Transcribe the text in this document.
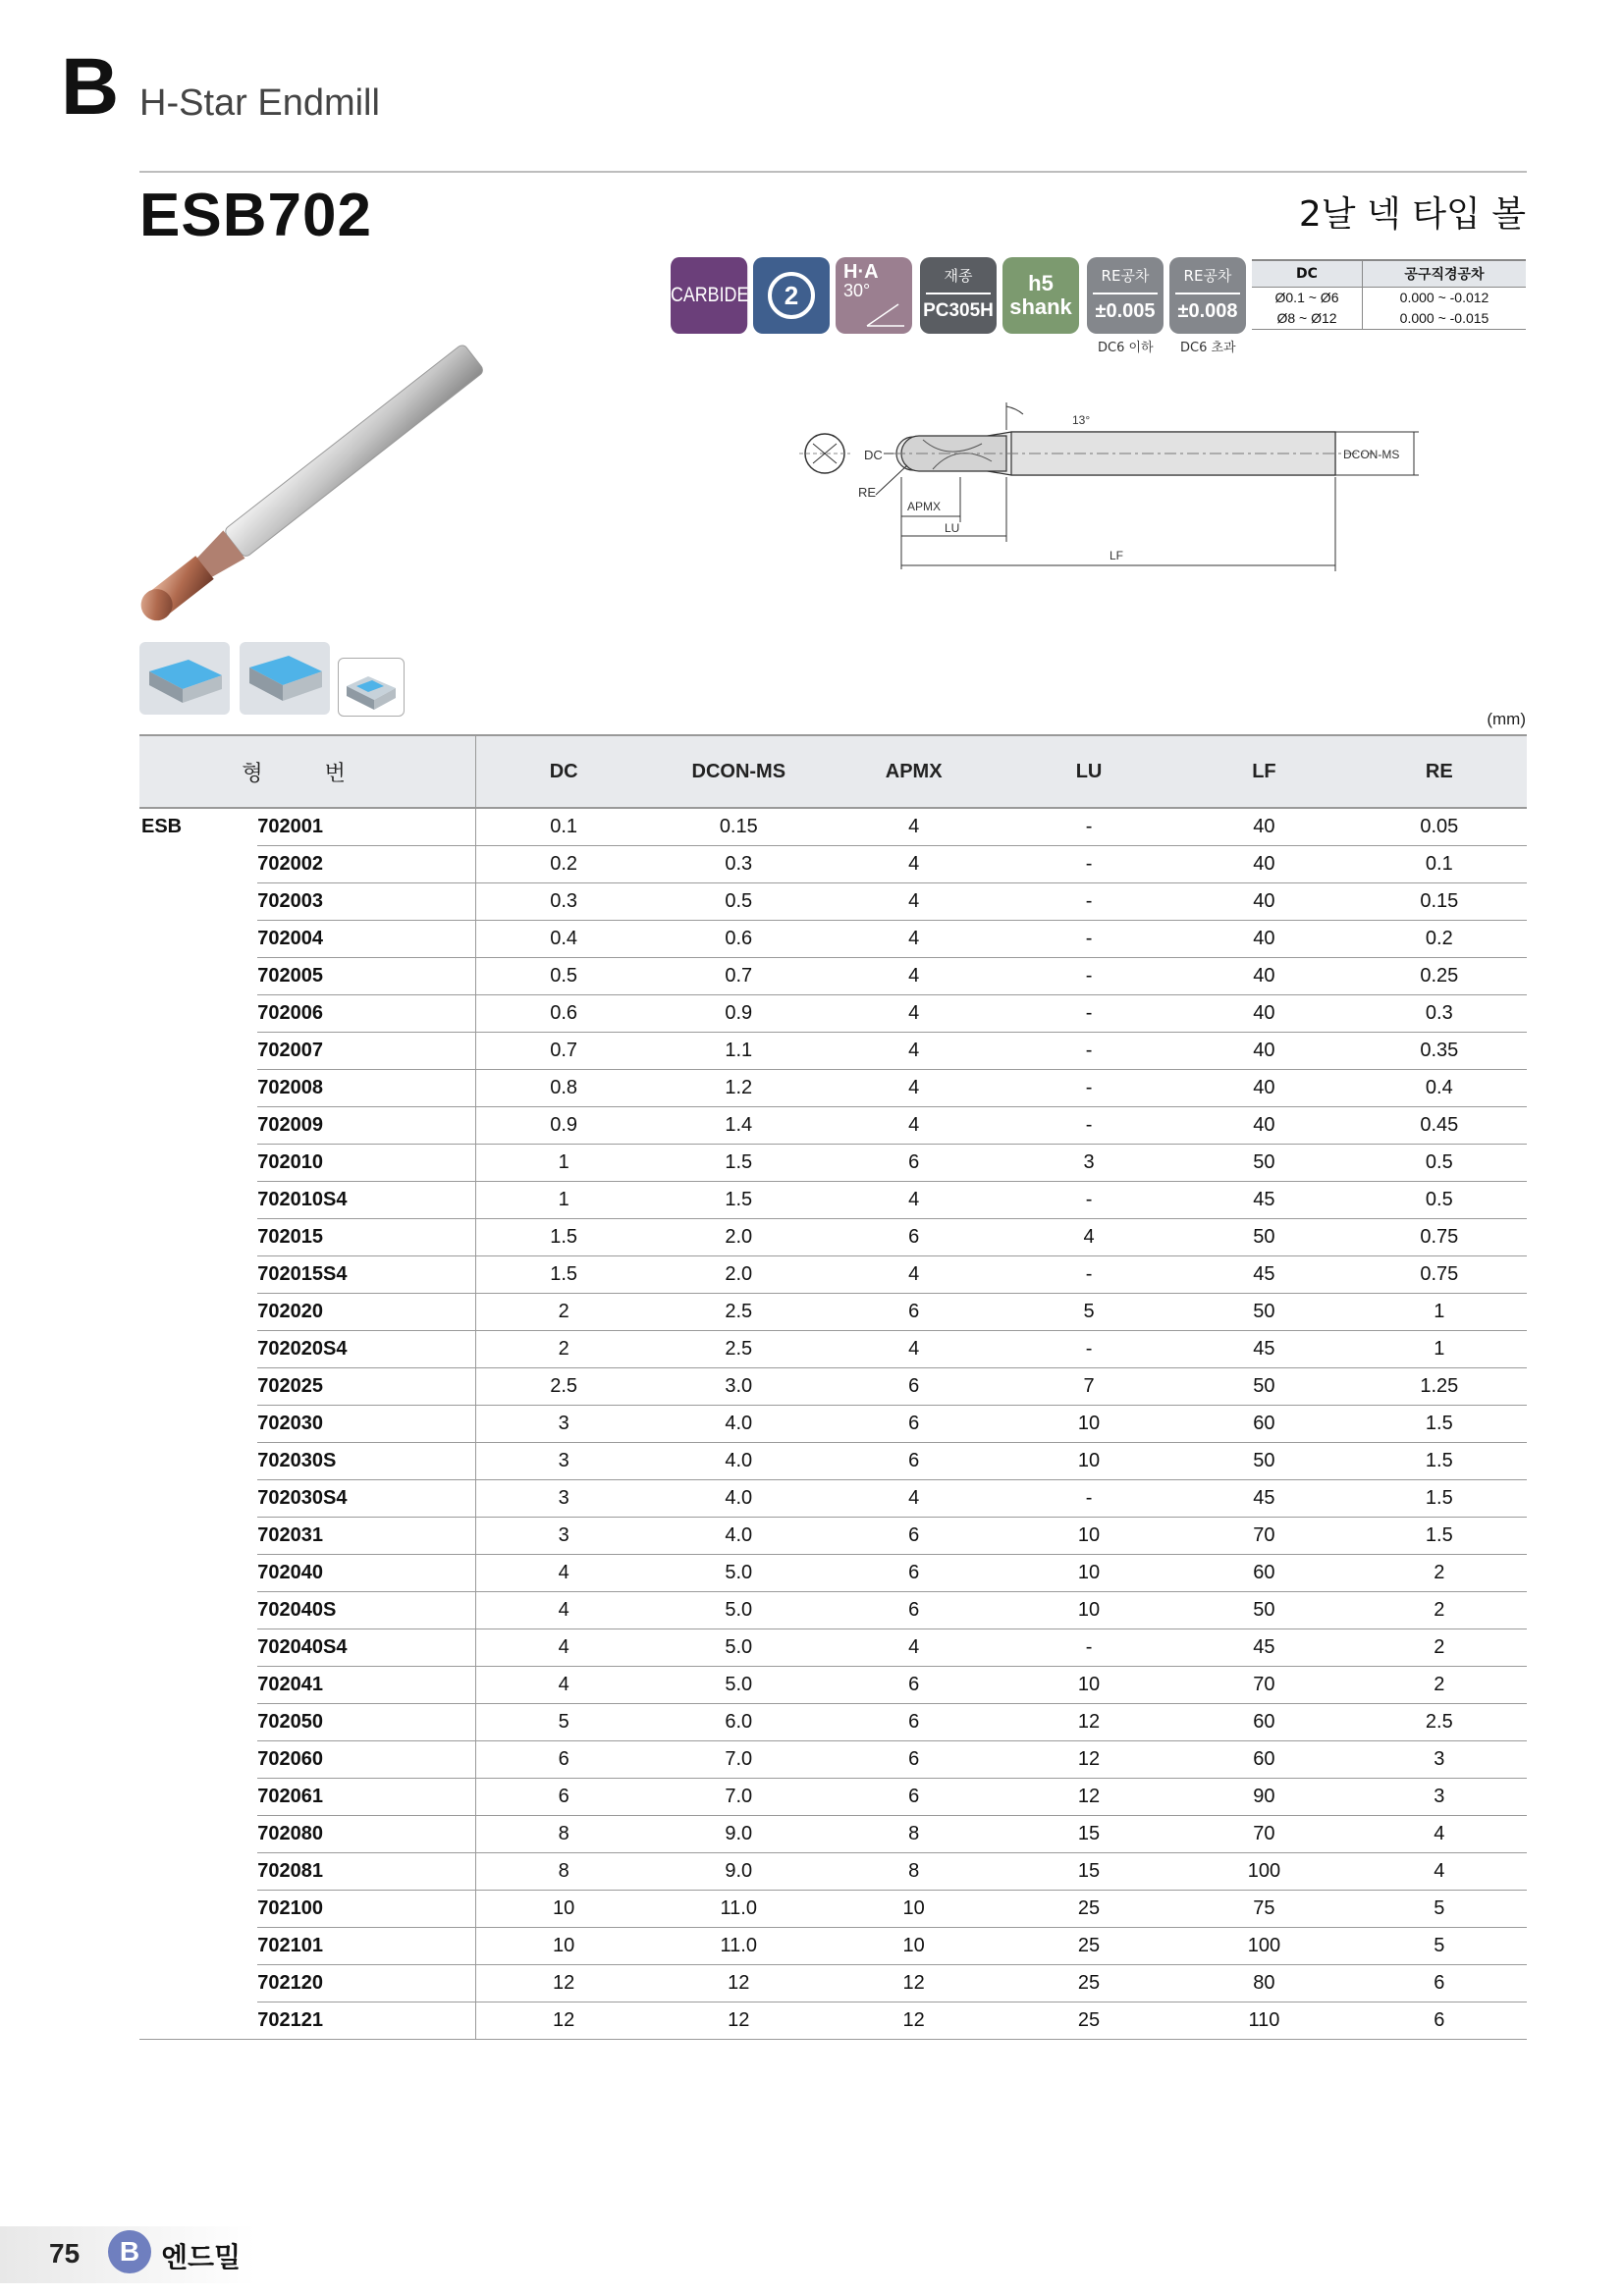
B H-Star Endmill
ESB702	2날 넥 타입 볼
CARBIDE 2
H·A
30°
재종
PC305H
h5
shank
RE공차
±0.005
DC6 이하
RE공차
±0.008
DC6 초과
DC	공구직경공차
Ø0.1 ~ Ø6	0.000 ~ -0.012
Ø8 ~ Ø12	0.000 ~ -0.015
DC
13°
DCON-MS
RE
APMX
LU
LF
(mm)
형 번		DC	DCON-MS	APMX	LU	LF	RE
ESB	702001	0.1	0.15	4	-	40	0.05
	702002	0.2	0.3	4	-	40	0.1
	702003	0.3	0.5	4	-	40	0.15
	702004	0.4	0.6	4	-	40	0.2
	702005	0.5	0.7	4	-	40	0.25
	702006	0.6	0.9	4	-	40	0.3
	702007	0.7	1.1	4	-	40	0.35
	702008	0.8	1.2	4	-	40	0.4
	702009	0.9	1.4	4	-	40	0.45
	702010	1	1.5	6	3	50	0.5
	702010S4	1	1.5	4	-	45	0.5
	702015	1.5	2.0	6	4	50	0.75
	702015S4	1.5	2.0	4	-	45	0.75
	702020	2	2.5	6	5	50	1
	702020S4	2	2.5	4	-	45	1
	702025	2.5	3.0	6	7	50	1.25
	702030	3	4.0	6	10	60	1.5
	702030S	3	4.0	6	10	50	1.5
	702030S4	3	4.0	4	-	45	1.5
	702031	3	4.0	6	10	70	1.5
	702040	4	5.0	6	10	60	2
	702040S	4	5.0	6	10	50	2
	702040S4	4	5.0	4	-	45	2
	702041	4	5.0	6	10	70	2
	702050	5	6.0	6	12	60	2.5
	702060	6	7.0	6	12	60	3
	702061	6	7.0	6	12	90	3
	702080	8	9.0	8	15	70	4
	702081	8	9.0	8	15	100	4
	702100	10	11.0	10	25	75	5
	702101	10	11.0	10	25	100	5
	702120	12	12	12	25	80	6
	702121	12	12	12	25	110	6
75	B 엔드밀
